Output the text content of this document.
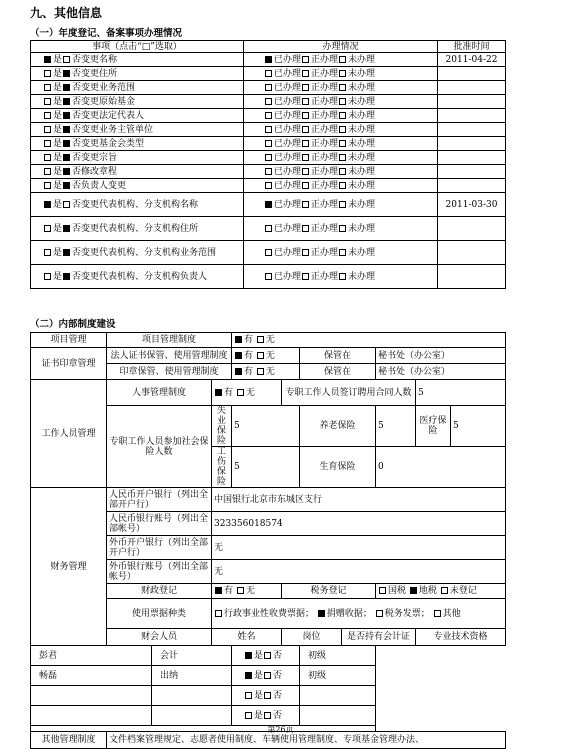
九、其他信息
（一）年度登记、备案事项办理情况
事项（点击“□”选取）	办理情况	批准时间
是 否变更名称	已办理 正办理 未办理	2011-04-22
是 否变更住所	已办理 正办理 未办理	
是 否变更业务范围	已办理 正办理 未办理	
是 否变更原始基金	已办理 正办理 未办理	
是 否变更法定代表人	已办理 正办理 未办理	
是 否变更业务主管单位	已办理 正办理 未办理	
是 否变更基金会类型	已办理 正办理 未办理	
是 否变更宗旨	已办理 正办理 未办理	
是 否修改章程	已办理 正办理 未办理	
是 否负责人变更	已办理 正办理 未办理	
是 否变更代表机构、分支机构名称	已办理 正办理 未办理	2011-03-30
是 否变更代表机构、分支机构住所	已办理 正办理 未办理	
是 否变更代表机构、分支机构业务范围	已办理 正办理 未办理	
是 否变更代表机构、分支机构负责人	已办理 正办理 未办理	
（二）内部制度建设
项目管理	项目管理制度			有 无						
证书印章管理	法人证书保管、使用管理制度			有 无		保管在		秘书处（办公室）		
	印章保管、使用管理制度			有 无		保管在		秘书处（办公室）		
工作人员管理	人事管理制度		有 无		专职工作人员签订聘用合同人数				5	
	专职工作人员参加社会保险人数		失业保险	5		养老保险		5	医疗保险	5
			工伤保险	5		生育保险		0		
财务管理	人民币开户银行（列出全部开户行）		中国银行北京市东城区支行							
	人民币银行账号（列出全部帐号）		323356018574							
	外币开户银行（列出全部开户行）		无							
	外币银行账号（列出全部帐号）		无							
	财政登记		有 无		税务登记			国税 地税 未登记		
	使用票据种类		行政事业性收费票据； 捐赠收据； 税务发票； 其他							
	财会人员		姓名		岗位		是否持有会计证		专业技术资格	
彭君		会计		是 否		初级				
畅磊		出纳		是 否		初级				
				是 否						
				是 否						

其他管理制度	文件档案管理规定、志愿者使用制度、车辆使用管理制度、专项基金管理办法、									
第26页
